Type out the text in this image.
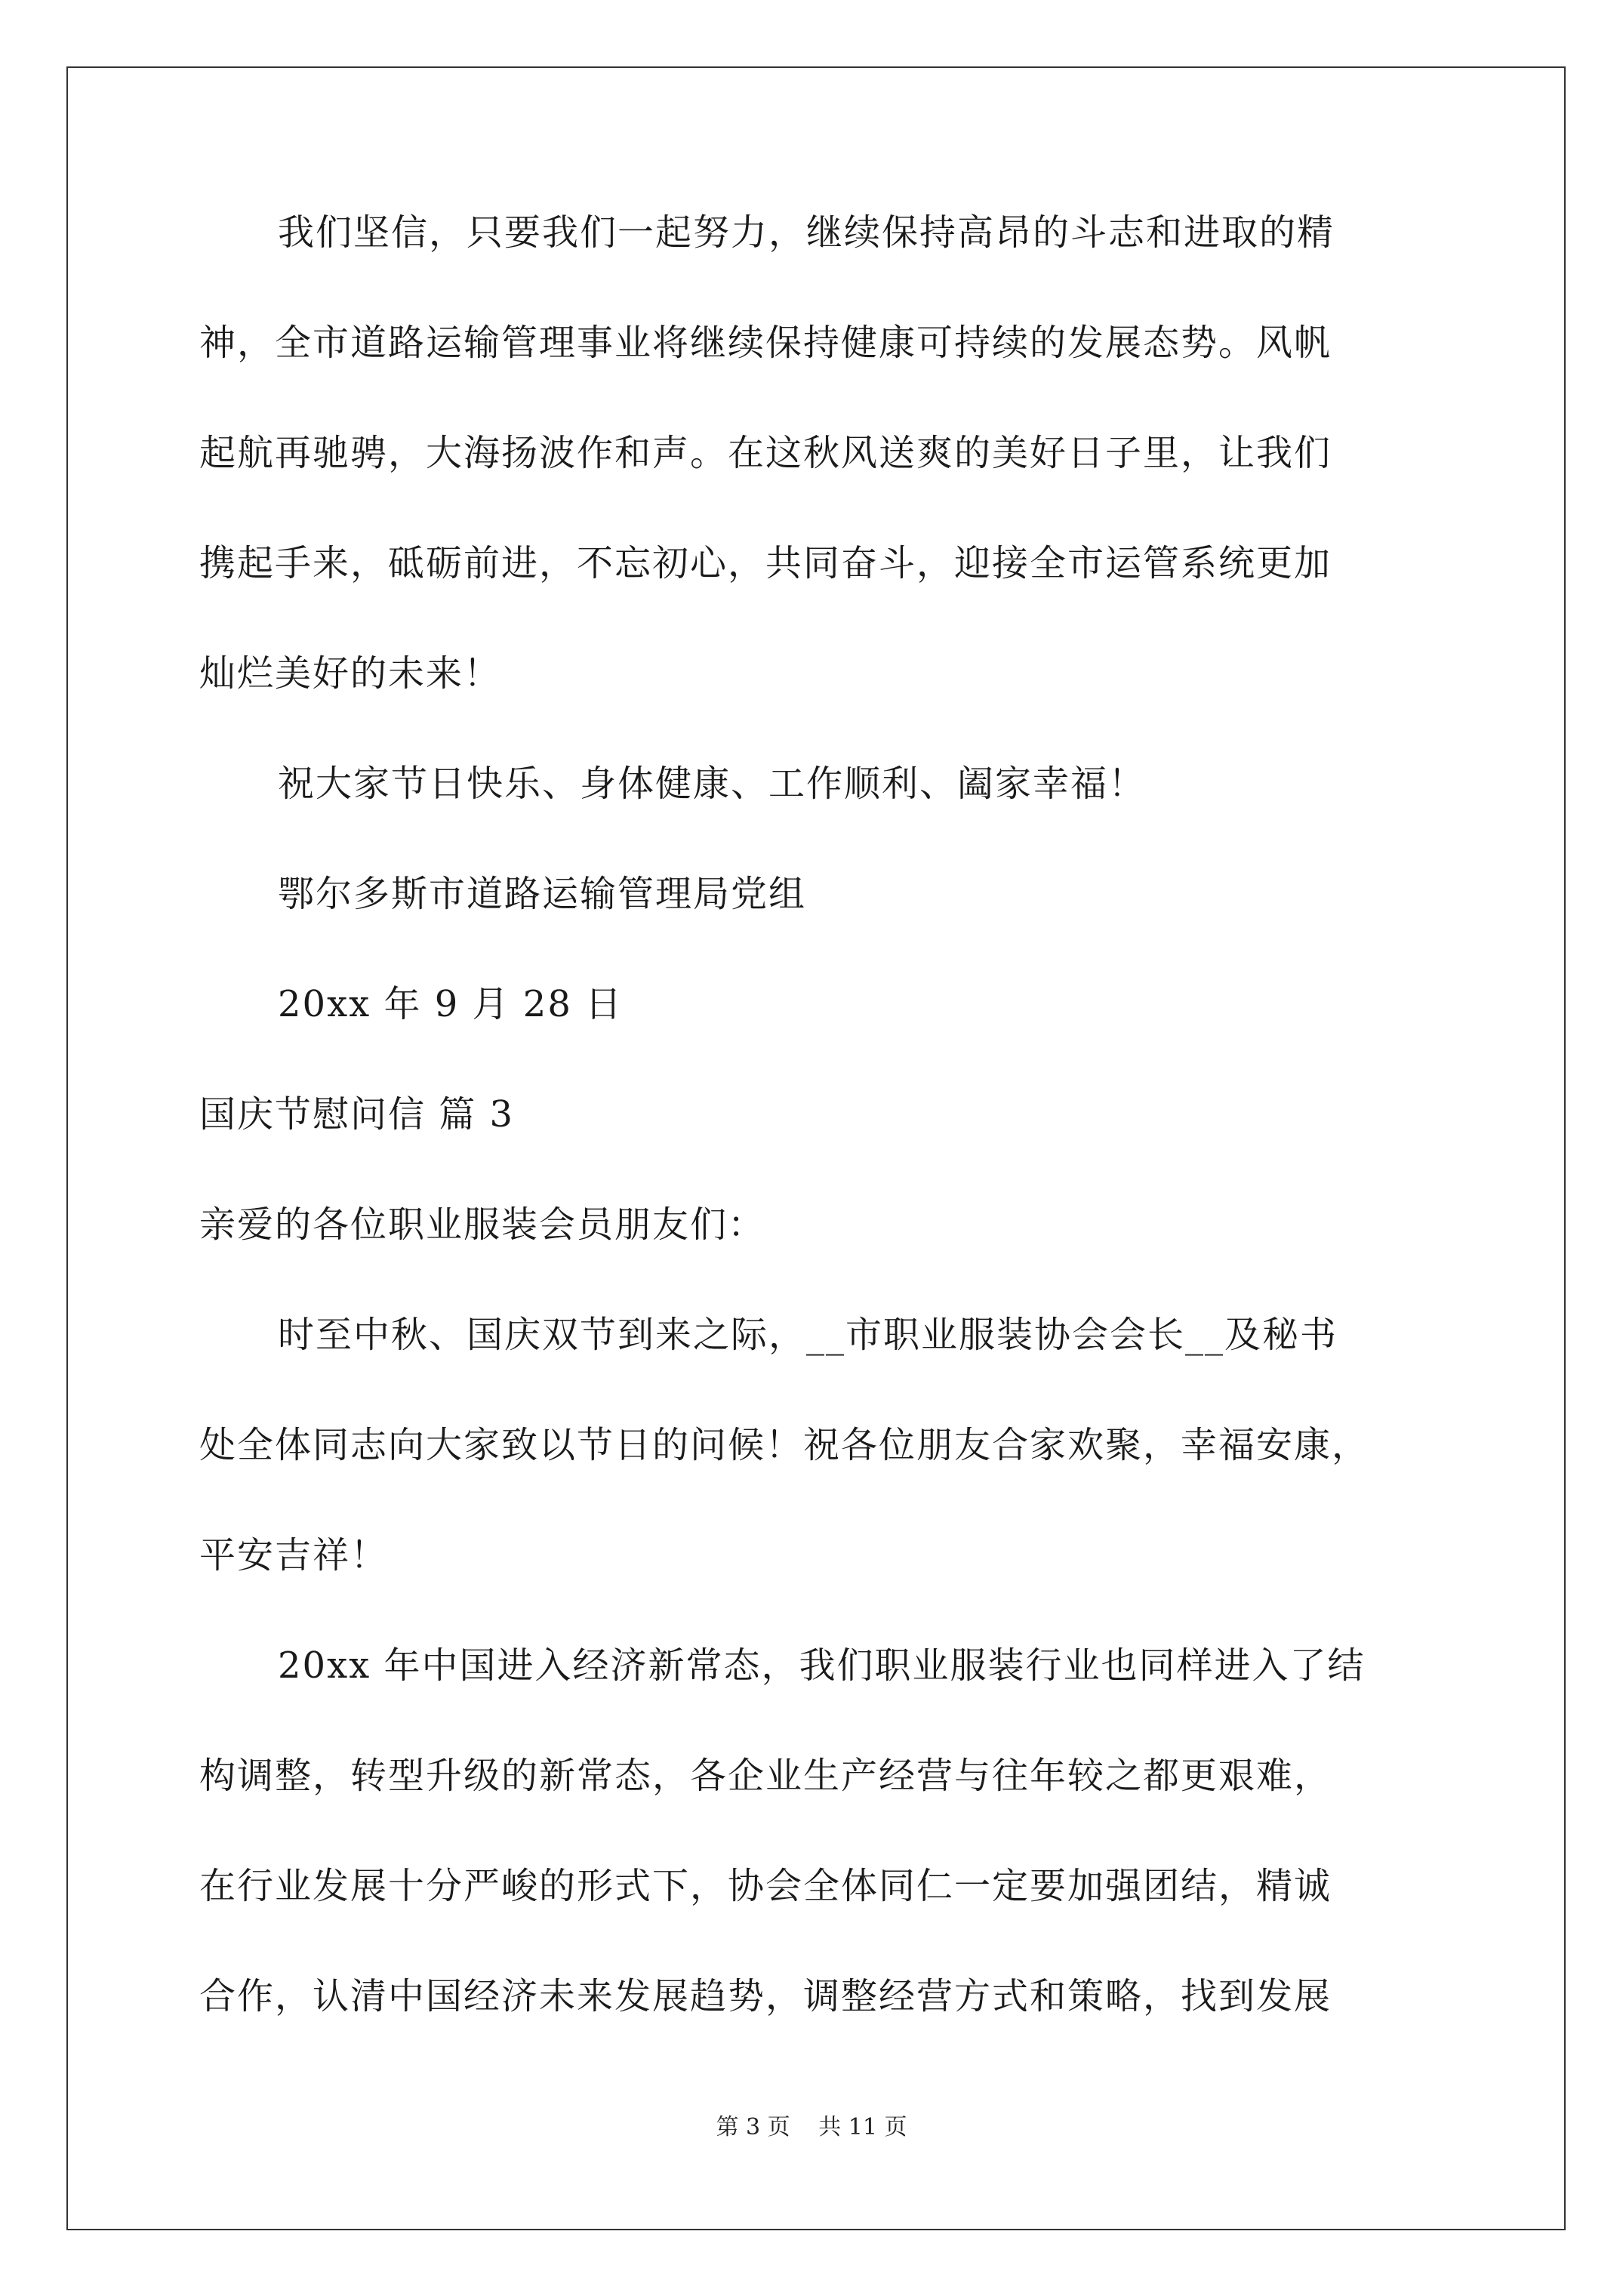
我们坚信，只要我们一起努力，继续保持高昂的斗志和进取的精
神，全市道路运输管理事业将继续保持健康可持续的发展态势。风帆
起航再驰骋，大海扬波作和声。在这秋风送爽的美好日子里，让我们
携起手来，砥砺前进，不忘初心，共同奋斗，迎接全市运管系统更加
灿烂美好的未来！
祝大家节日快乐、身体健康、工作顺利、阖家幸福！
鄂尔多斯市道路运输管理局党组
20xx 年 9 月 28 日
国庆节慰问信 篇 3
亲爱的各位职业服装会员朋友们：
时至中秋、国庆双节到来之际，__市职业服装协会会长__及秘书
处全体同志向大家致以节日的问候！祝各位朋友合家欢聚，幸福安康，
平安吉祥！
20xx 年中国进入经济新常态，我们职业服装行业也同样进入了结
构调整，转型升级的新常态，各企业生产经营与往年较之都更艰难，
在行业发展十分严峻的形式下，协会全体同仁一定要加强团结，精诚
合作，认清中国经济未来发展趋势，调整经营方式和策略，找到发展
第 3 页 共 11 页
